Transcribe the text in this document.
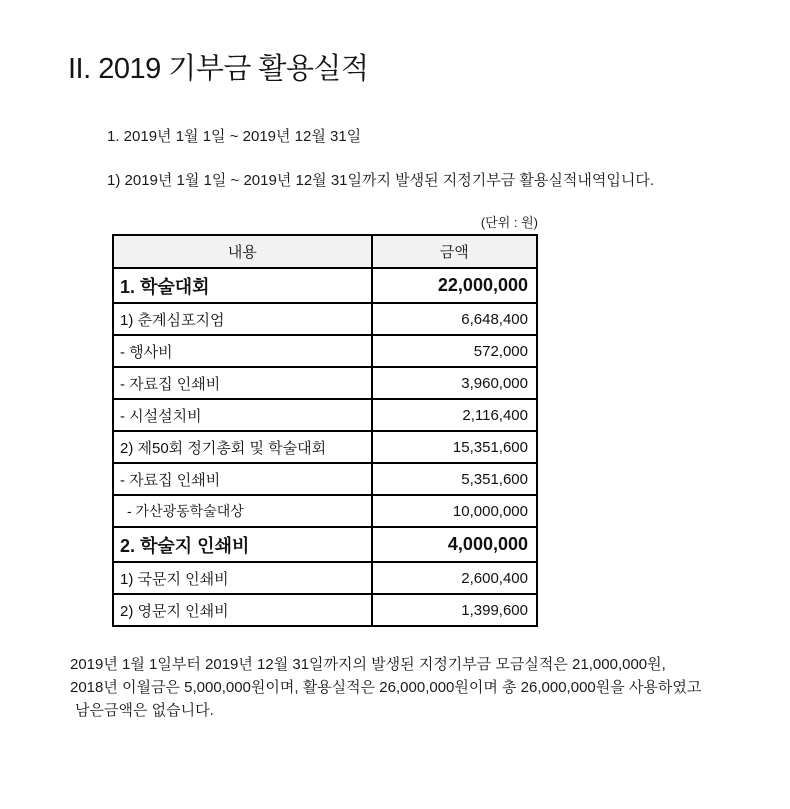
II. 2019 기부금 활용실적
1. 2019년 1월 1일 ~ 2019년 12월 31일
1) 2019년 1월 1일 ~ 2019년 12월 31일까지 발생된 지정기부금 활용실적내역입니다.
(단위 : 원)
내용	금액
1. 학술대회	22,000,000
1) 춘계심포지엄	6,648,400
- 행사비	572,000
- 자료집 인쇄비	3,960,000
- 시설설치비	2,116,400
2) 제50회 정기총회 및 학술대회	15,351,600
- 자료집 인쇄비	5,351,600
- 가산광동학술대상	10,000,000
2. 학술지 인쇄비	4,000,000
1) 국문지 인쇄비	2,600,400
2) 영문지 인쇄비	1,399,600
2019년 1월 1일부터 2019년 12월 31일까지의 발생된 지정기부금 모금실적은 21,000,000원,
2018년 이월금은 5,000,000원이며, 활용실적은 26,000,000원이며 총 26,000,000원을 사용하였고
남은금액은 없습니다.
